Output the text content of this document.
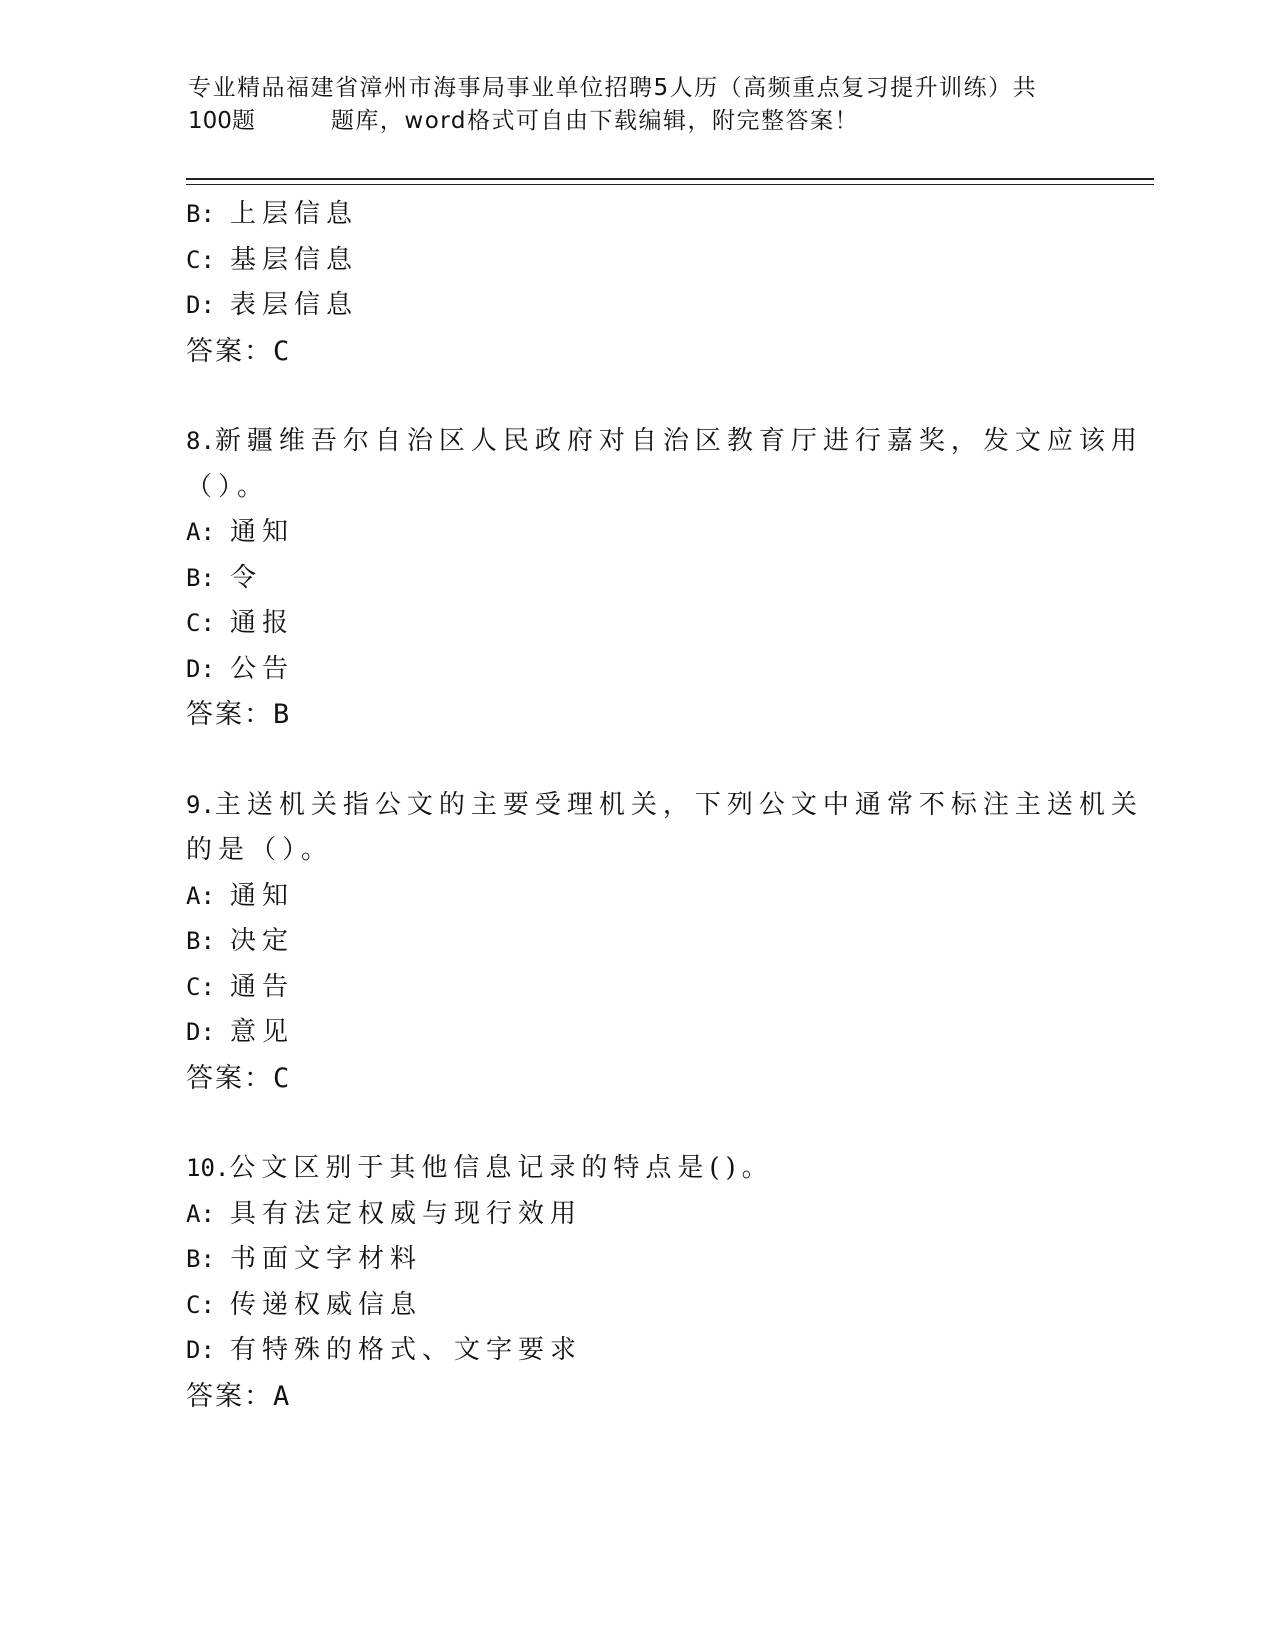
专业精品福建省漳州市海事局事业单位招聘5人历（高频重点复习提升训练）共
100题	题库，word格式可自由下载编辑，附完整答案！
B: 上层信息
C: 基层信息
D: 表层信息
答案：C
8.新疆维吾尔自治区人民政府对自治区教育厅进行嘉奖，发文应该用
（）。
A: 通知
B: 令
C: 通报
D: 公告
答案：B
9.主送机关指公文的主要受理机关，下列公文中通常不标注主送机关
的是（）。
A: 通知
B: 决定
C: 通告
D: 意见
答案：C
10.公文区别于其他信息记录的特点是()。
A: 具有法定权威与现行效用
B: 书面文字材料
C: 传递权威信息
D: 有特殊的格式、文字要求
答案：A
